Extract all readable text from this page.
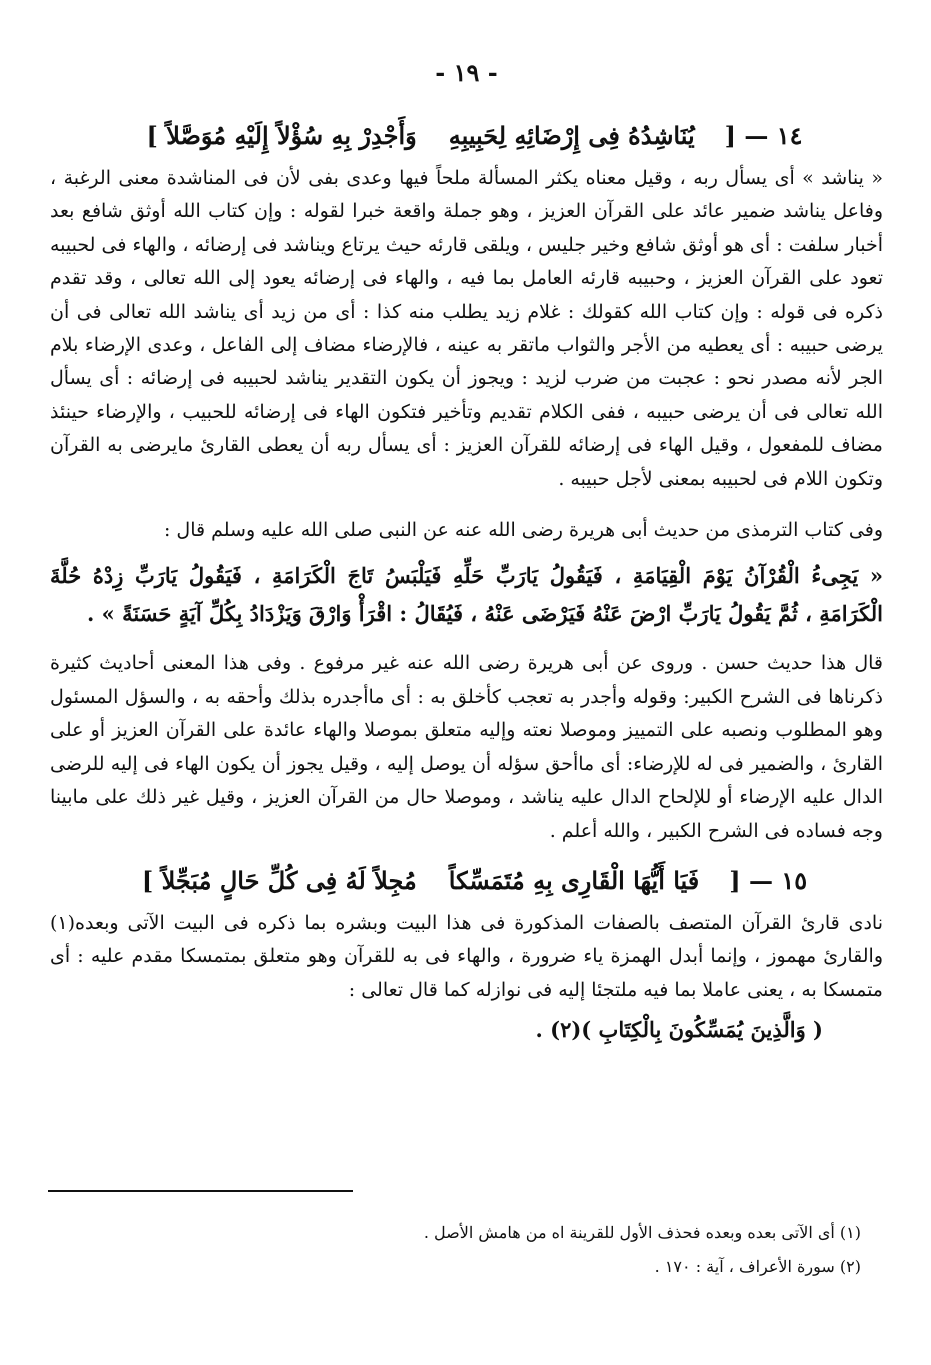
- ١٩ -
١٤ — [
يُنَاشِدُهُ فِى إِرْضَائِهِ لِحَبِيبِهِ
وَأَجْدِرْ بِهِ سُؤْلاً إِلَيْهِ مُوَصَّلاً ]

« يناشد » أى يسأل ربه ، وقيل معناه يكثر المسألة ملحاً فيها وعدى بفى لأن فى المناشدة معنى الرغبة ، وفاعل يناشد ضمير عائد على القرآن العزيز ، وهو جملة واقعة خبرا لقوله : وإن كتاب الله أوثق شافع بعد أخبار سلفت : أى هو أوثق شافع وخير جليس ، ويلقى قارئه حيث يرتاع ويناشد فى إرضائه ، والهاء فى لحبيبه تعود على القرآن العزيز ، وحبيبه قارئه العامل بما فيه ، والهاء فى إرضائه يعود إلى الله تعالى ، وقد تقدم ذكره فى قوله : وإن كتاب الله كقولك : غلام زيد يطلب منه كذا : أى من زيد أى يناشد الله تعالى فى أن يرضى حبيبه : أى يعطيه من الأجر والثواب ماتقر به عينه ، فالإرضاء مضاف إلى الفاعل ، وعدى الإرضاء بلام الجر لأنه مصدر نحو : عجبت من ضرب لزيد : ويجوز أن يكون التقدير يناشد لحبيبه فى إرضائه : أى يسأل الله تعالى فى أن يرضى حبيبه ، ففى الكلام تقديم وتأخير فتكون الهاء فى إرضائه للحبيب ، والإرضاء حينئذ مضاف للمفعول ، وقيل الهاء فى إرضائه للقرآن العزيز : أى يسأل ربه أن يعطى القارئ مايرضى به القرآن وتكون اللام فى لحبيبه بمعنى لأجل حبيبه .

وفى كتاب الترمذى من حديث أبى هريرة رضى الله عنه عن النبى صلى الله عليه وسلم قال :

« يَجِىءُ الْقُرْآنُ يَوْمَ الْقِيَامَةِ ، فَيَقُولُ يَارَبِّ حَلِّهِ فَيَلْبَسُ تَاجَ الْكَرَامَةِ ، فَيَقُولُ يَارَبِّ زِدْهُ حُلَّةَ الْكَرَامَةِ ، ثُمَّ يَقُولُ يَارَبِّ ارْضَ عَنْهُ فَيَرْضَى عَنْهُ ، فَيُقَالُ : اقْرَأْ وَارْقَ وَيَزْدَادُ بِكُلِّ آيَةٍ حَسَنَةً » .

قال هذا حديث حسن . وروى عن أبى هريرة رضى الله عنه غير مرفوع . وفى هذا المعنى أحاديث كثيرة ذكرناها فى الشرح الكبير: وقوله وأجدر به تعجب كأخلق به : أى ماأجدره بذلك وأحقه به ، والسؤل المسئول وهو المطلوب ونصبه على التمييز وموصلا نعته وإليه متعلق بموصلا والهاء عائدة على القرآن العزيز أو على القارئ ، والضمير فى له للإرضاء: أى ماأحق سؤله أن يوصل إليه ، وقيل يجوز أن يكون الهاء فى إليه للرضى الدال عليه الإرضاء أو للإلحاح الدال عليه يناشد ، وموصلا حال من القرآن العزيز ، وقيل غير ذلك على مابينا وجه فساده فى الشرح الكبير ، والله أعلم .

١٥ — [
فَيَا أَيُّهَا الْقَارِى بِهِ مُتَمَسِّكاً
مُجِلاً لَهُ فِى كُلِّ حَالٍ مُبَجِّلاً ]

نادى قارئ القرآن المتصف بالصفات المذكورة فى هذا البيت وبشره بما ذكره فى البيت الآتى وبعده(١) والقارئ مهموز ، وإنما أبدل الهمزة ياء ضرورة ، والهاء فى به للقرآن وهو متعلق بمتمسكا مقدم عليه : أى متمسكا به ، يعنى عاملا بما فيه ملتجئا إليه فى نوازله كما قال تعالى :

( وَالَّذِينَ يُمَسِّكُونَ بِالْكِتَابِ )(٢) .
(١) أى الآتى بعده وبعده فحذف الأول للقرينة اه من هامش الأصل .
(٢) سورة الأعراف ، آية : ١٧٠ .
